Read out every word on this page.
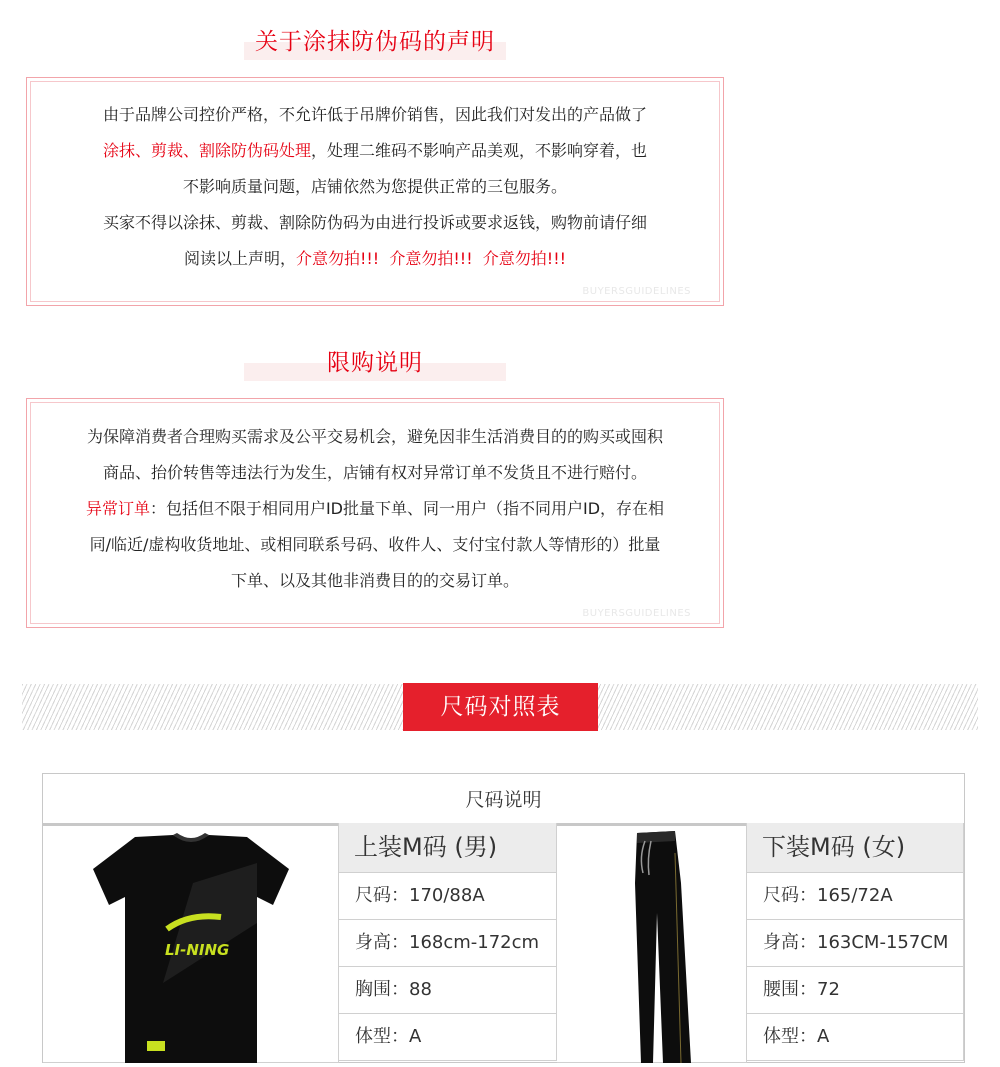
关于涂抹防伪码的声明
由于品牌公司控价严格，不允许低于吊牌价销售，因此我们对发出的产品做了
涂抹、剪裁、割除防伪码处理，处理二维码不影响产品美观，不影响穿着，也
不影响质量问题，店铺依然为您提供正常的三包服务。
买家不得以涂抹、剪裁、割除防伪码为由进行投诉或要求返钱，购物前请仔细
阅读以上声明，介意勿拍!!!  介意勿拍!!!  介意勿拍!!!
BUYERSGUIDELINES
限购说明
为保障消费者合理购买需求及公平交易机会，避免因非生活消费目的的购买或囤积
商品、抬价转售等违法行为发生，店铺有权对异常订单不发货且不进行赔付。
异常订单：包括但不限于相同用户ID批量下单、同一用户（指不同用户ID，存在相
同/临近/虚构收货地址、或相同联系号码、收件人、支付宝付款人等情形的）批量
下单、以及其他非消费目的的交易订单。
BUYERSGUIDELINES
尺码对照表
尺码说明
LI-NING
上装M码 (男)
尺码：170/88A
身高：168cm-172cm
胸围：88
体型：A
下装M码 (女)
尺码：165/72A
身高：163CM-157CM
腰围：72
体型：A
